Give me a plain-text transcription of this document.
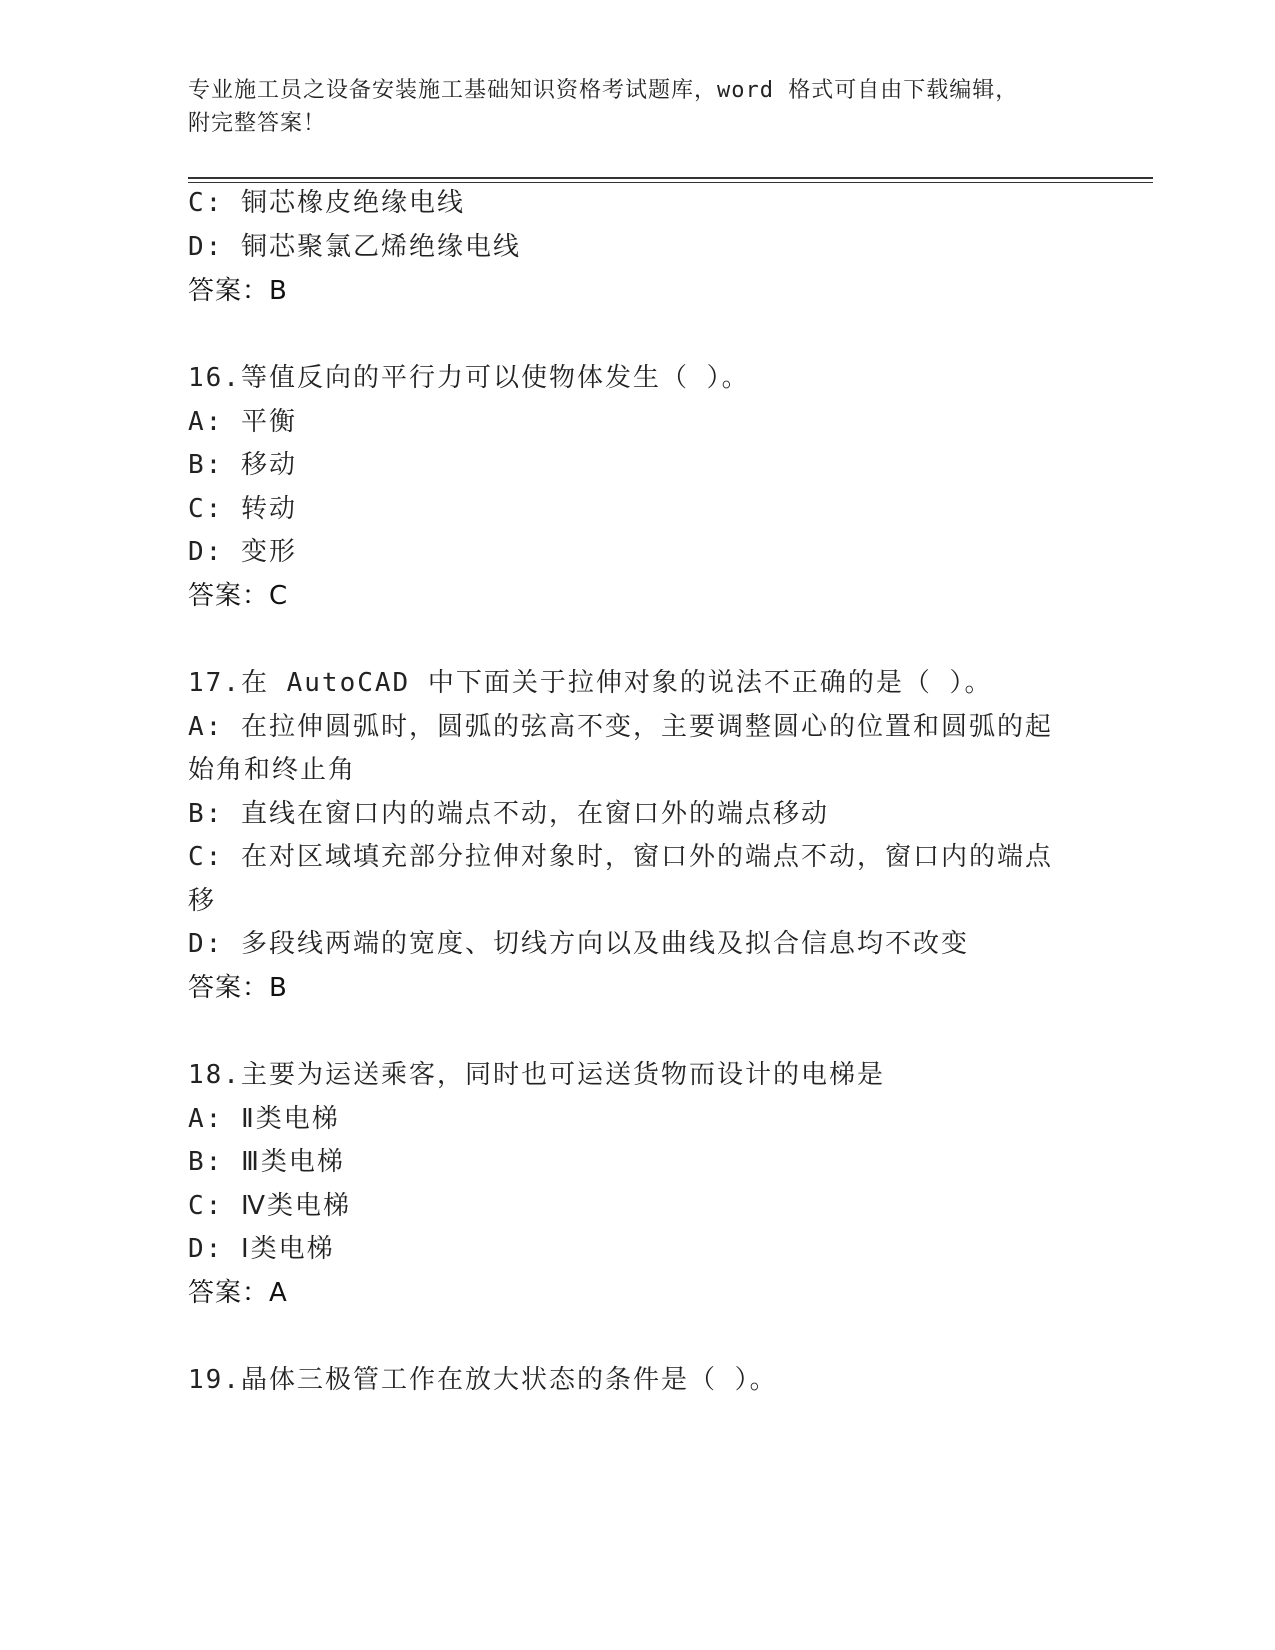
专业施工员之设备安装施工基础知识资格考试题库，word 格式可自由下载编辑，
附完整答案！
C: 铜芯橡皮绝缘电线
D: 铜芯聚氯乙烯绝缘电线
答案：B
16.等值反向的平行力可以使物体发生（ ）。
A: 平衡
B: 移动
C: 转动
D: 变形
答案：C
17.在 AutoCAD 中下面关于拉伸对象的说法不正确的是（ ）。
A: 在拉伸圆弧时，圆弧的弦高不变，主要调整圆心的位置和圆弧的起
始角和终止角
B: 直线在窗口内的端点不动，在窗口外的端点移动
C: 在对区域填充部分拉伸对象时，窗口外的端点不动，窗口内的端点
移
D: 多段线两端的宽度、切线方向以及曲线及拟合信息均不改变
答案：B
18.主要为运送乘客，同时也可运送货物而设计的电梯是
A: Ⅱ类电梯
B: Ⅲ类电梯
C: Ⅳ类电梯
D: Ⅰ类电梯
答案：A
19.晶体三极管工作在放大状态的条件是（ ）。
